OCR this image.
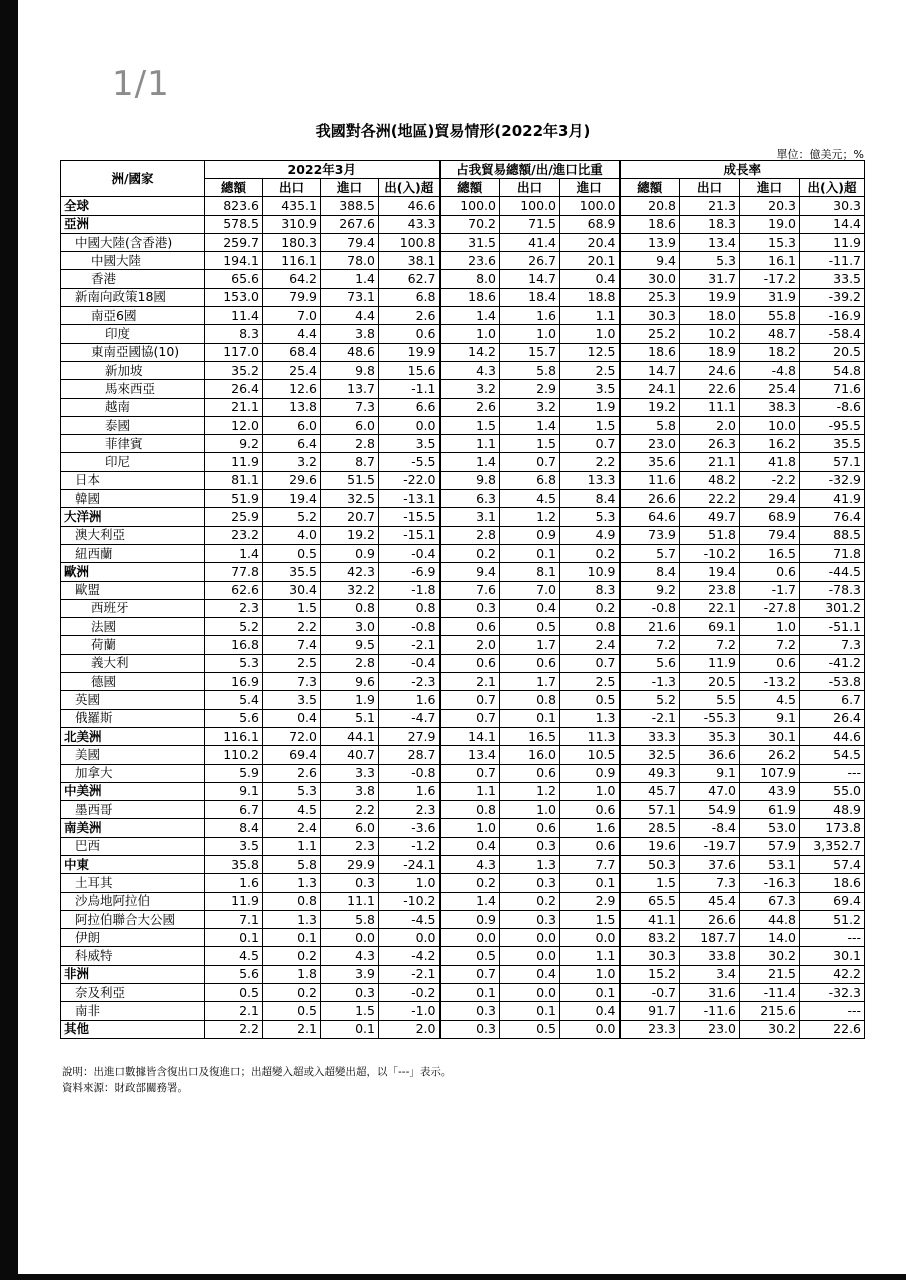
1/1
我國對各洲(地區)貿易情形(2022年3月)
單位：億美元；%
洲/國家	2022年3月				占我貿易總額/出/進口比重			成長率			
	總額	出口	進口	出(入)超	總額	出口	進口	總額	出口	進口	出(入)超
全球	823.6	435.1	388.5	46.6	100.0	100.0	100.0	20.8	21.3	20.3	30.3
亞洲	578.5	310.9	267.6	43.3	70.2	71.5	68.9	18.6	18.3	19.0	14.4
中國大陸(含香港)	259.7	180.3	79.4	100.8	31.5	41.4	20.4	13.9	13.4	15.3	11.9
中國大陸	194.1	116.1	78.0	38.1	23.6	26.7	20.1	9.4	5.3	16.1	-11.7
香港	65.6	64.2	1.4	62.7	8.0	14.7	0.4	30.0	31.7	-17.2	33.5
新南向政策18國	153.0	79.9	73.1	6.8	18.6	18.4	18.8	25.3	19.9	31.9	-39.2
南亞6國	11.4	7.0	4.4	2.6	1.4	1.6	1.1	30.3	18.0	55.8	-16.9
印度	8.3	4.4	3.8	0.6	1.0	1.0	1.0	25.2	10.2	48.7	-58.4
東南亞國協(10)	117.0	68.4	48.6	19.9	14.2	15.7	12.5	18.6	18.9	18.2	20.5
新加坡	35.2	25.4	9.8	15.6	4.3	5.8	2.5	14.7	24.6	-4.8	54.8
馬來西亞	26.4	12.6	13.7	-1.1	3.2	2.9	3.5	24.1	22.6	25.4	71.6
越南	21.1	13.8	7.3	6.6	2.6	3.2	1.9	19.2	11.1	38.3	-8.6
泰國	12.0	6.0	6.0	0.0	1.5	1.4	1.5	5.8	2.0	10.0	-95.5
菲律賓	9.2	6.4	2.8	3.5	1.1	1.5	0.7	23.0	26.3	16.2	35.5
印尼	11.9	3.2	8.7	-5.5	1.4	0.7	2.2	35.6	21.1	41.8	57.1
日本	81.1	29.6	51.5	-22.0	9.8	6.8	13.3	11.6	48.2	-2.2	-32.9
韓國	51.9	19.4	32.5	-13.1	6.3	4.5	8.4	26.6	22.2	29.4	41.9
大洋洲	25.9	5.2	20.7	-15.5	3.1	1.2	5.3	64.6	49.7	68.9	76.4
澳大利亞	23.2	4.0	19.2	-15.1	2.8	0.9	4.9	73.9	51.8	79.4	88.5
紐西蘭	1.4	0.5	0.9	-0.4	0.2	0.1	0.2	5.7	-10.2	16.5	71.8
歐洲	77.8	35.5	42.3	-6.9	9.4	8.1	10.9	8.4	19.4	0.6	-44.5
歐盟	62.6	30.4	32.2	-1.8	7.6	7.0	8.3	9.2	23.8	-1.7	-78.3
西班牙	2.3	1.5	0.8	0.8	0.3	0.4	0.2	-0.8	22.1	-27.8	301.2
法國	5.2	2.2	3.0	-0.8	0.6	0.5	0.8	21.6	69.1	1.0	-51.1
荷蘭	16.8	7.4	9.5	-2.1	2.0	1.7	2.4	7.2	7.2	7.2	7.3
義大利	5.3	2.5	2.8	-0.4	0.6	0.6	0.7	5.6	11.9	0.6	-41.2
德國	16.9	7.3	9.6	-2.3	2.1	1.7	2.5	-1.3	20.5	-13.2	-53.8
英國	5.4	3.5	1.9	1.6	0.7	0.8	0.5	5.2	5.5	4.5	6.7
俄羅斯	5.6	0.4	5.1	-4.7	0.7	0.1	1.3	-2.1	-55.3	9.1	26.4
北美洲	116.1	72.0	44.1	27.9	14.1	16.5	11.3	33.3	35.3	30.1	44.6
美國	110.2	69.4	40.7	28.7	13.4	16.0	10.5	32.5	36.6	26.2	54.5
加拿大	5.9	2.6	3.3	-0.8	0.7	0.6	0.9	49.3	9.1	107.9	---
中美洲	9.1	5.3	3.8	1.6	1.1	1.2	1.0	45.7	47.0	43.9	55.0
墨西哥	6.7	4.5	2.2	2.3	0.8	1.0	0.6	57.1	54.9	61.9	48.9
南美洲	8.4	2.4	6.0	-3.6	1.0	0.6	1.6	28.5	-8.4	53.0	173.8
巴西	3.5	1.1	2.3	-1.2	0.4	0.3	0.6	19.6	-19.7	57.9	3,352.7
中東	35.8	5.8	29.9	-24.1	4.3	1.3	7.7	50.3	37.6	53.1	57.4
土耳其	1.6	1.3	0.3	1.0	0.2	0.3	0.1	1.5	7.3	-16.3	18.6
沙烏地阿拉伯	11.9	0.8	11.1	-10.2	1.4	0.2	2.9	65.5	45.4	67.3	69.4
阿拉伯聯合大公國	7.1	1.3	5.8	-4.5	0.9	0.3	1.5	41.1	26.6	44.8	51.2
伊朗	0.1	0.1	0.0	0.0	0.0	0.0	0.0	83.2	187.7	14.0	---
科威特	4.5	0.2	4.3	-4.2	0.5	0.0	1.1	30.3	33.8	30.2	30.1
非洲	5.6	1.8	3.9	-2.1	0.7	0.4	1.0	15.2	3.4	21.5	42.2
奈及利亞	0.5	0.2	0.3	-0.2	0.1	0.0	0.1	-0.7	31.6	-11.4	-32.3
南非	2.1	0.5	1.5	-1.0	0.3	0.1	0.4	91.7	-11.6	215.6	---
其他	2.2	2.1	0.1	2.0	0.3	0.5	0.0	23.3	23.0	30.2	22.6
說明：出進口數據皆含復出口及復進口；出超變入超或入超變出超，以「---」表示。
資料來源：財政部關務署。
